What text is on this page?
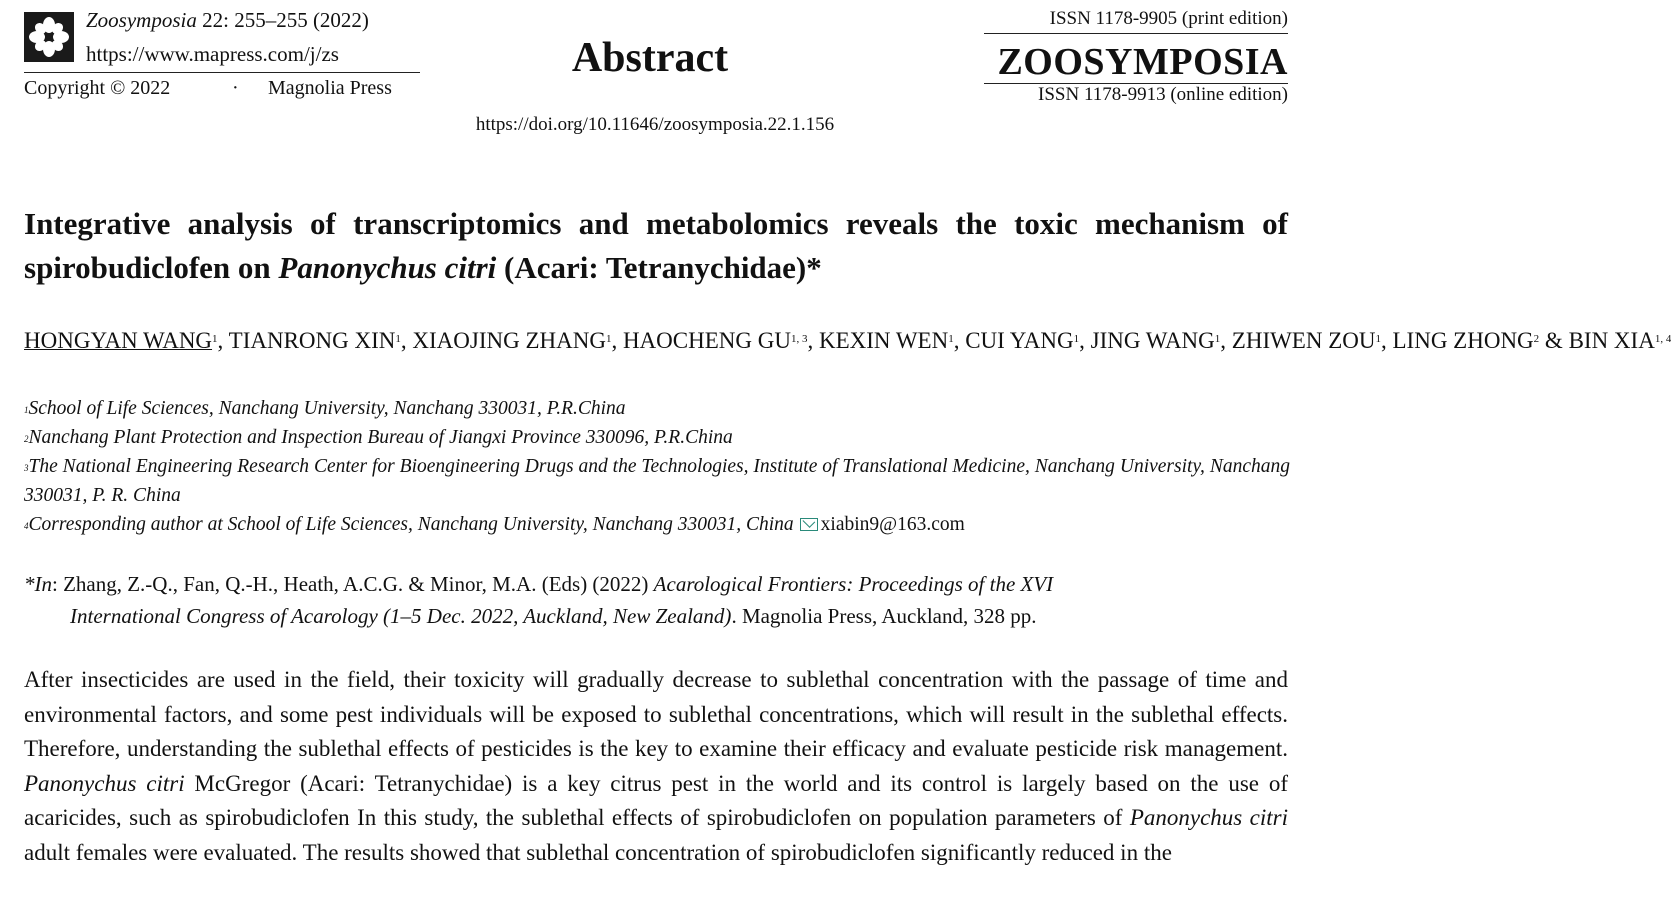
Zoosymposia 22: 255–255 (2022)
https://www.mapress.com/j/zs
Copyright © 2022	· Magnolia Press
Abstract
https://doi.org/10.11646/zoosymposia.22.1.156
ISSN 1178-9905 (print edition)
ZOOSYMPOSIA
ISSN 1178-9913 (online edition)
Integrative analysis of transcriptomics and metabolomics reveals the toxic mechanism of spirobudiclofen on Panonychus citri (Acari: Tetranychidae)*
HONGYAN WANG$^1$, TIANRONG XIN$^1$, XIAOJING ZHANG$^1$, HAOCHENG GU$^{1, 3}$, KEXIN WEN$^1$, CUI YANG$^1$, JING WANG$^1$, ZHIWEN ZOU$^1$, LING ZHONG$^2$ & BIN XIA$^{1, 4}$
$^1$School of Life Sciences, Nanchang University, Nanchang 330031, P.R.China
$^2$Nanchang Plant Protection and Inspection Bureau of Jiangxi Province 330096, P.R.China
$^3$The National Engineering Research Center for Bioengineering Drugs and the Technologies, Institute of Translational Medicine, Nanchang University, Nanchang 330031, P. R. China
$^4$Corresponding author at School of Life Sciences, Nanchang University, Nanchang 330031, China xiabin9@163.com
*In: Zhang, Z.-Q., Fan, Q.-H., Heath, A.C.G. & Minor, M.A. (Eds) (2022) Acarological Frontiers: Proceedings of the XVI
International Congress of Acarology (1–5 Dec. 2022, Auckland, New Zealand). Magnolia Press, Auckland, 328 pp.
After insecticides are used in the field, their toxicity will gradually decrease to sublethal concentration with the passage of time and environmental factors, and some pest individuals will be exposed to sublethal concentrations, which will result in the sublethal effects. Therefore, understanding the sublethal effects of pesticides is the key to examine their efficacy and evaluate pesticide risk management. Panonychus citri McGregor (Acari: Tetranychidae) is a key citrus pest in the world and its control is largely based on the use of acaricides, such as spirobudiclofen In this study, the sublethal effects of spirobudiclofen on population parameters of Panonychus citri adult females were evaluated. The results showed that sublethal concentration of spirobudiclofen significantly reduced in the
